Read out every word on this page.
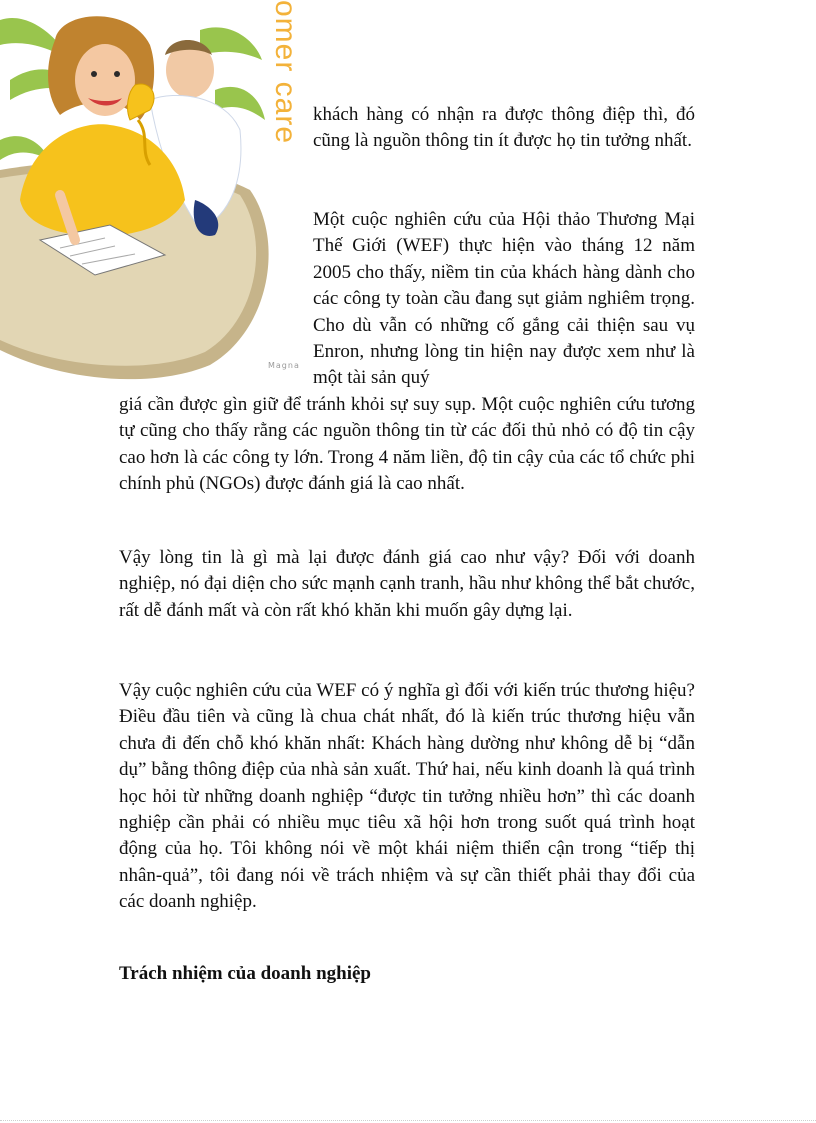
omer care
Magna
khách hàng có nhận ra được thông điệp thì, đó cũng là nguồn thông tin ít được họ tin tưởng nhất.
Một cuộc nghiên cứu của Hội thảo Thương Mại Thế Giới (WEF) thực hiện vào tháng 12 năm 2005 cho thấy, niềm tin của khách hàng dành cho các công ty toàn cầu đang sụt giảm nghiêm trọng. Cho dù vẫn có những cố gắng cải thiện sau vụ Enron, nhưng lòng tin hiện nay được xem như là một tài sản quý
giá cần được gìn giữ để tránh khỏi sự suy sụp. Một cuộc nghiên cứu tương tự cũng cho thấy rằng các nguồn thông tin từ các đối thủ nhỏ có độ tin cậy cao hơn là các công ty lớn. Trong 4 năm liền, độ tin cậy của các tổ chức phi chính phủ (NGOs) được đánh giá là cao nhất.
Vậy lòng tin là gì mà lại được đánh giá cao như vậy? Đối với doanh nghiệp, nó đại diện cho sức mạnh cạnh tranh, hầu như không thể bắt chước, rất dễ đánh mất và còn rất khó khăn khi muốn gây dựng lại.
Vậy cuộc nghiên cứu của WEF có ý nghĩa gì đối với kiến trúc thương hiệu? Điều đầu tiên và cũng là chua chát nhất, đó là kiến trúc thương hiệu vẫn chưa đi đến chỗ khó khăn nhất: Khách hàng dường như không dễ bị “dẫn dụ” bằng thông điệp của nhà sản xuất. Thứ hai, nếu kinh doanh là quá trình học hỏi từ những doanh nghiệp “được tin tưởng nhiều hơn” thì các doanh nghiệp cần phải có nhiều mục tiêu xã hội hơn trong suốt quá trình hoạt động của họ. Tôi không nói về một khái niệm thiển cận trong “tiếp thị nhân-quả”, tôi đang nói về trách nhiệm và sự cần thiết phải thay đổi của các doanh nghiệp.
Trách nhiệm của doanh nghiệp
